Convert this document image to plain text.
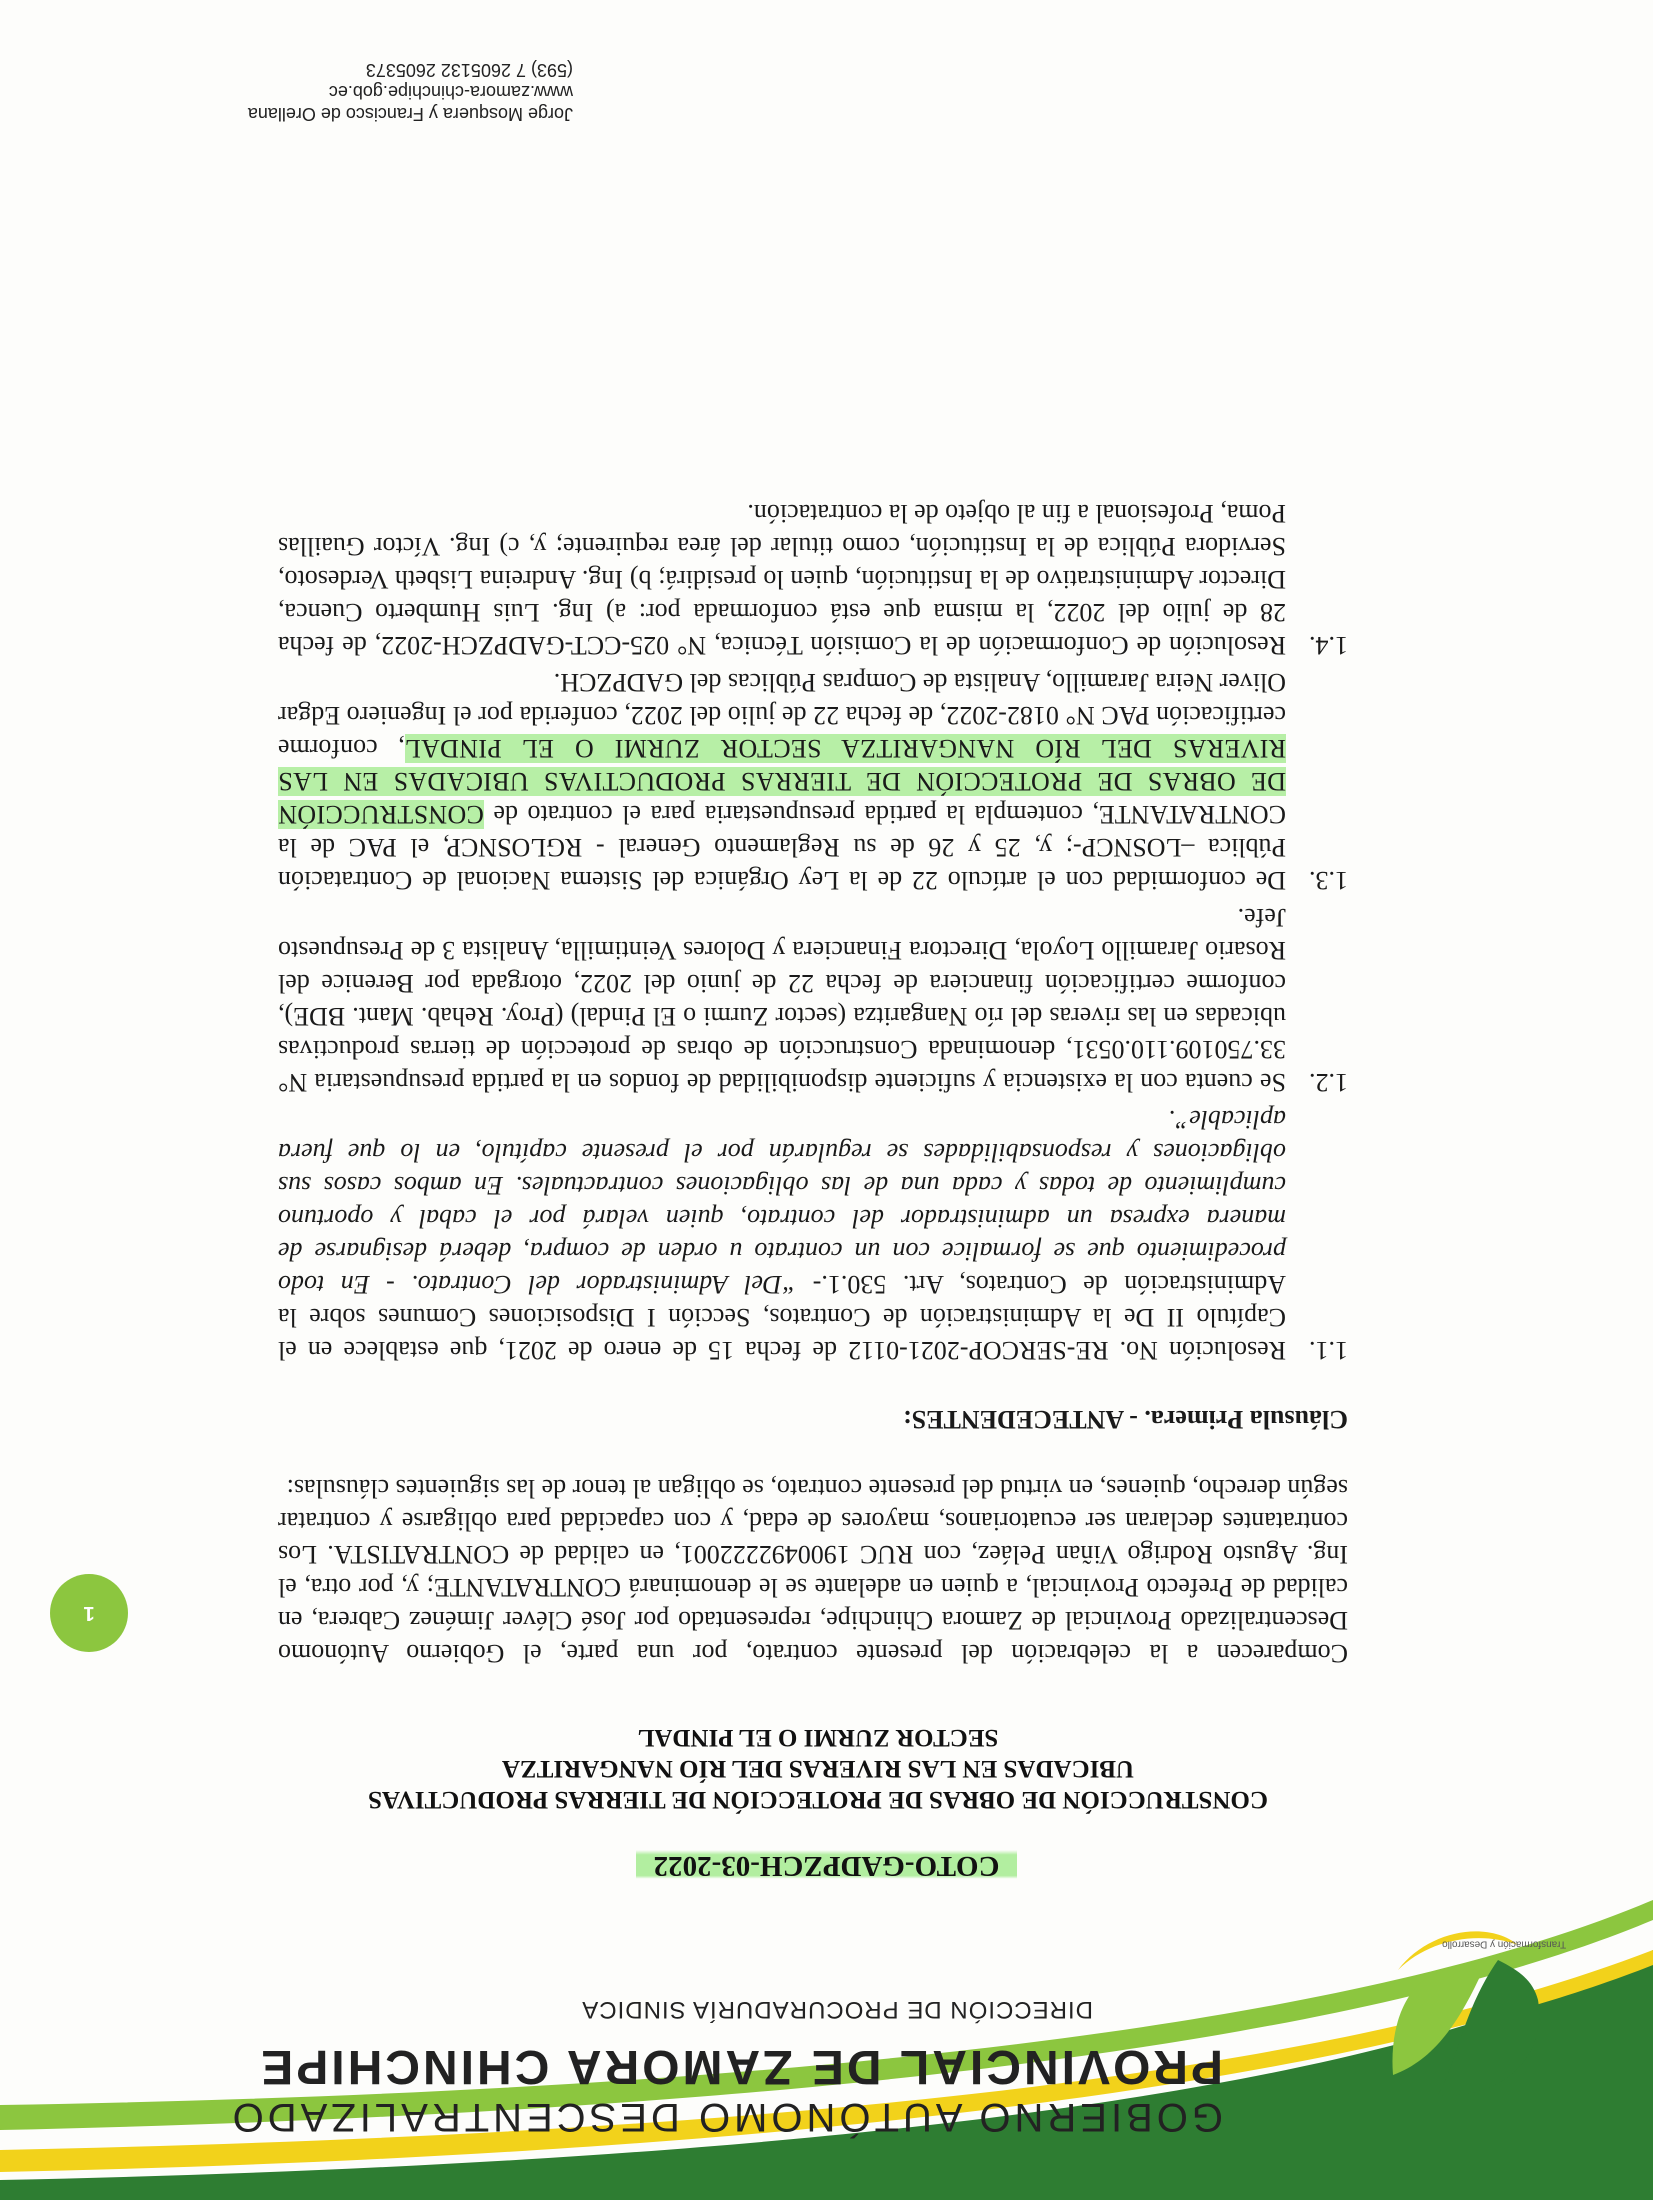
Transformación y Desarrollo
GOBIERNO AUTÓNOMO DESCENTRALIZADO
PROVINCIAL DE ZAMORA CHINCHIPE
DIRECCIÓN DE PROCURADURÍA SINDICA
COTO-GADPZCH-03-2022
CONSTRUCCIÓN DE OBRAS DE PROTECCIÓN DE TIERRAS PRODUCTIVAS
UBICADAS EN LAS RIVERAS DEL RÍO NANGARITZA
SECTOR ZURMI O EL PINDAL

Comparecen a la celebración del presente contrato, por una parte, el Gobierno Autónomo Descentralizado Provincial de Zamora Chinchipe, representado por José Cléver Jiménez Cabrera, en calidad de Prefecto Provincial, a quien en adelante se le denominará CONTRATANTE; y, por otra, el Ing. Agusto Rodrigo Viñan Peláez, con RUC 1900492222001, en calidad de CONTRATISTA. Los contratantes declaran ser ecuatorianos, mayores de edad, y con capacidad para obligarse y contratar según derecho, quienes, en virtud del presente contrato, se obligan al tenor de las siguientes cláusulas:

Cláusula Primera. - ANTECEDENTES:
1.1.
Resolución No. RE-SERCOP-2021-0112 de fecha 15 de enero de 2021, que establece en el Capítulo II De la Administración de Contratos, Sección I Disposiciones Comunes sobre la Administración de Contratos, Art. 530.1.- “Del Administrador del Contrato. - En todo procedimiento que se formalice con un contrato u orden de compra, deberá designarse de manera expresa un administrador del contrato, quien velará por el cabal y oportuno cumplimiento de todas y cada una de las obligaciones contractuales. En ambos casos sus obligaciones y responsabilidades se regularán por el presente capítulo, en lo que fuera aplicable”.
1.2.
Se cuenta con la existencia y suficiente disponibilidad de fondos en la partida presupuestaria N° 33.750109.110.0531, denominada Construcción de obras de protección de tierras productivas ubicadas en las riveras del río Nangaritza (sector Zurmi o El Pindal) (Proy. Rehab. Mant. BDE), conforme certificación financiera de fecha 22 de junio del 2022, otorgada por Berenice del Rosario Jaramillo Loyola, Directora Financiera y Dolores Veintimilla, Analista 3 de Presupuesto Jefe.
1.3.
De conformidad con el artículo 22 de la Ley Orgánica del Sistema Nacional de Contratación Pública –LOSNCP-; y, 25 y 26 de su Reglamento General - RGLOSNCP, el PAC de la CONTRATANTE, contempla la partida presupuestaria para el contrato de CONSTRUCCIÓN DE OBRAS DE PROTECCIÓN DE TIERRAS PRODUCTIVAS UBICADAS EN LAS RIVERAS DEL RÍO NANGARITZA SECTOR ZURMI O EL PINDAL, conforme certificación PAC N° 0182-2022, de fecha 22 de julio del 2022, conferida por el Ingeniero Edgar Oliver Neira Jaramillo, Analista de Compras Públicas del GADPZCH.
1.4.
Resolución de Conformación de la Comisión Técnica, N° 025-CCT-GADPZCH-2022, de fecha 28 de julio del 2022, la misma que está conformada por: a) Ing. Luis Humberto Cuenca, Director Administrativo de la Institución, quien lo presidirá; b) Ing. Andreina Lisbeth Verdesoto, Servidora Pública de la Institución, como titular del área requirente; y, c) Ing. Víctor Guaillas Poma, Profesional a fin al objeto de la contratación.
1
Jorge Mosquera y Francisco de Orellana
www.zamora-chinchipe.gob.ec
(593) 7 2605132 2605373
